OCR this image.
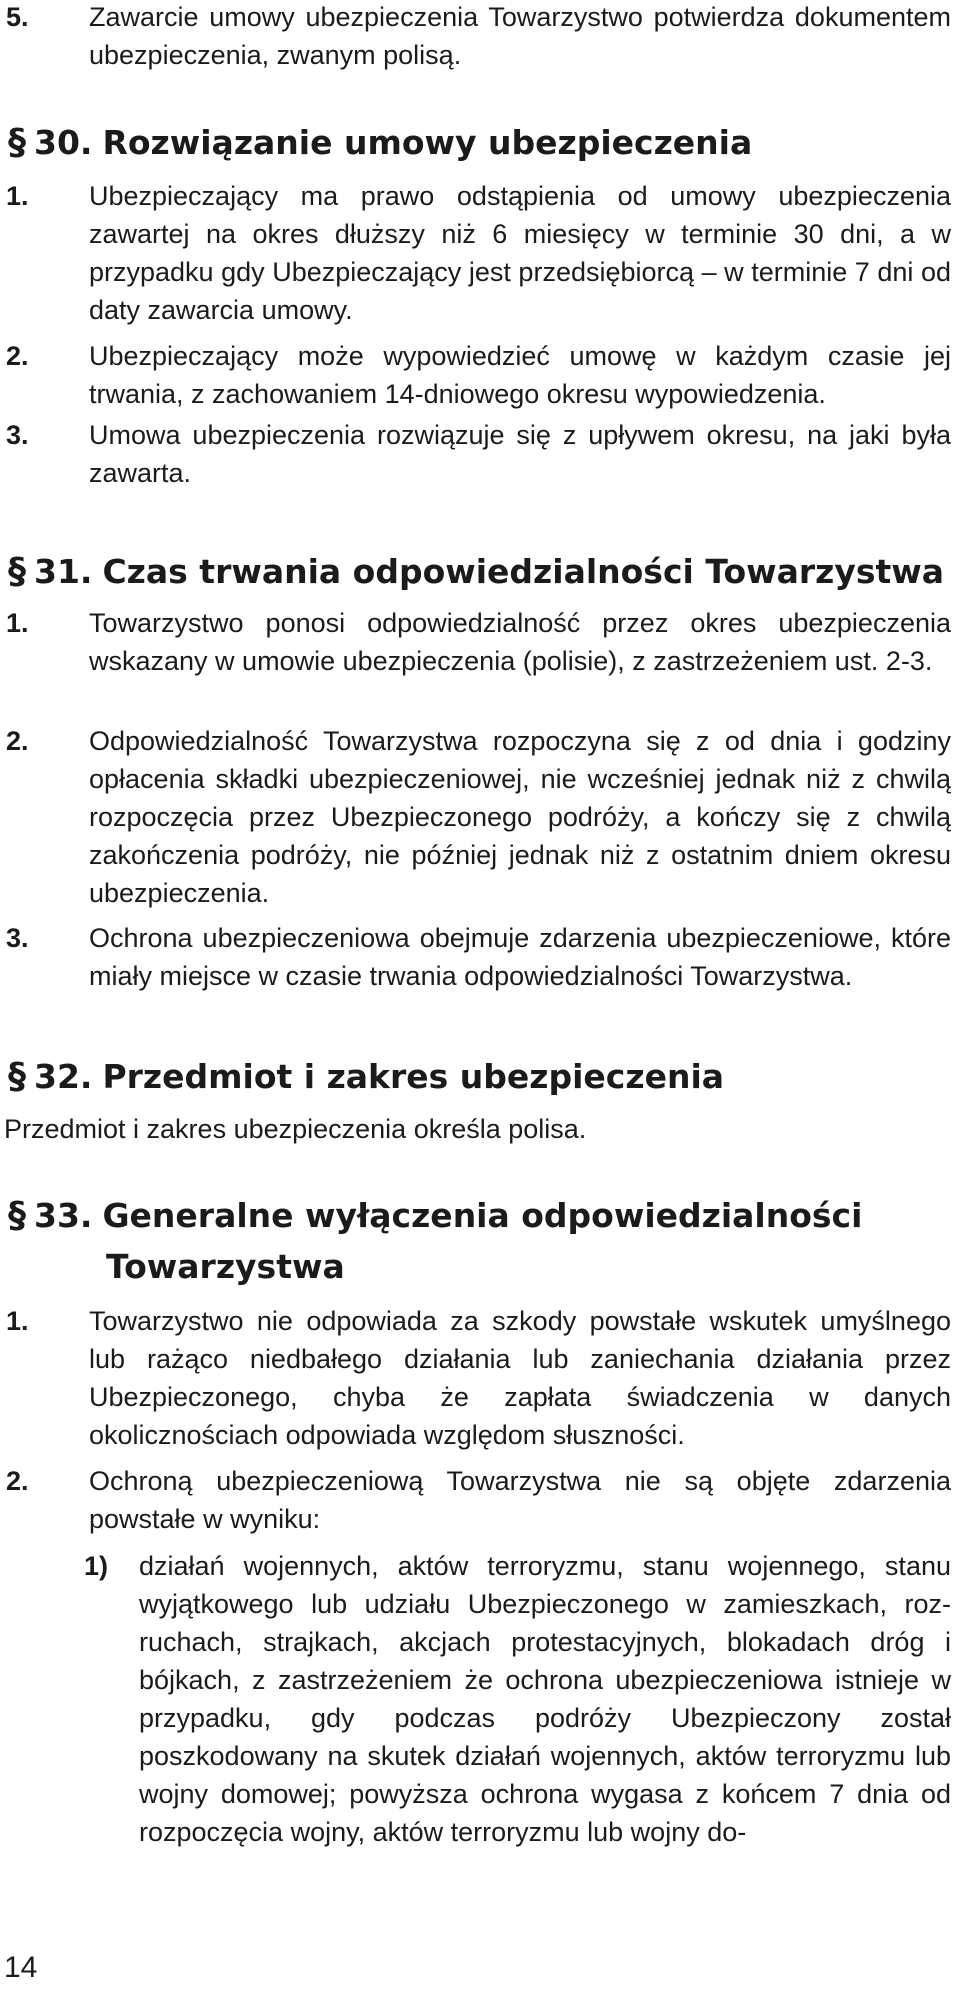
5. Zawarcie umowy ubezpieczenia Towarzystwo potwierdza dokumentem ubezpieczenia, zwanym polisą.
§ 30. Rozwiązanie umowy ubezpieczenia
1. Ubezpieczający ma prawo odstąpienia od umowy ubezpieczenia zawartej na okres dłuższy niż 6 miesięcy w terminie 30 dni, a w przypadku gdy Ubezpieczający jest przedsiębiorcą – w terminie 7 dni od daty zawarcia umowy.
2. Ubezpieczający może wypowiedzieć umowę w każdym czasie jej trwania, z zachowaniem 14-dniowego okresu wypowiedzenia.
3. Umowa ubezpieczenia rozwiązuje się z upływem okresu, na jaki była zawarta.
§ 31. Czas trwania odpowiedzialności Towarzystwa
1. Towarzystwo ponosi odpowiedzialność przez okres ubezpieczenia wskazany w umowie ubezpieczenia (polisie), z zastrzeżeniem ust. 2-3.
2. Odpowiedzialność Towarzystwa rozpoczyna się z od dnia i godziny opłacenia składki ubezpieczeniowej, nie wcześniej jednak niż z chwilą rozpoczęcia przez Ubezpieczonego podróży, a kończy się z chwilą zakończenia podróży, nie później jednak niż z ostatnim dniem okresu ubezpieczenia.
3. Ochrona ubezpieczeniowa obejmuje zdarzenia ubezpieczeniowe, które miały miejsce w czasie trwania odpowiedzialności Towarzystwa.
§ 32. Przedmiot i zakres ubezpieczenia
Przedmiot i zakres ubezpieczenia określa polisa.
§ 33. Generalne wyłączenia odpowiedzialności
Towarzystwa
1. Towarzystwo nie odpowiada za szkody powstałe wskutek umyślnego lub rażąco niedbałego działania lub zaniechania działania przez Ubezpieczonego, chyba że zapłata świadczenia w danych okolicznościach odpowiada względom słuszności.
2. Ochroną ubezpieczeniową Towarzystwa nie są objęte zdarzenia powstałe w wyniku:
1) działań wojennych, aktów terroryzmu, stanu wojennego, stanu wyjątkowego lub udziału Ubezpieczonego w zamieszkach, rozruchach, strajkach, akcjach protestacyjnych, blokadach dróg i bójkach, z zastrzeżeniem że ochrona ubezpieczeniowa istnieje w przypadku, gdy podczas podróży Ubezpieczony został poszkodowany na skutek działań wojennych, aktów terroryzmu lub wojny domowej; powyższa ochrona wygasa z końcem 7 dnia od rozpoczęcia wojny, aktów terroryzmu lub wojny do-
14
